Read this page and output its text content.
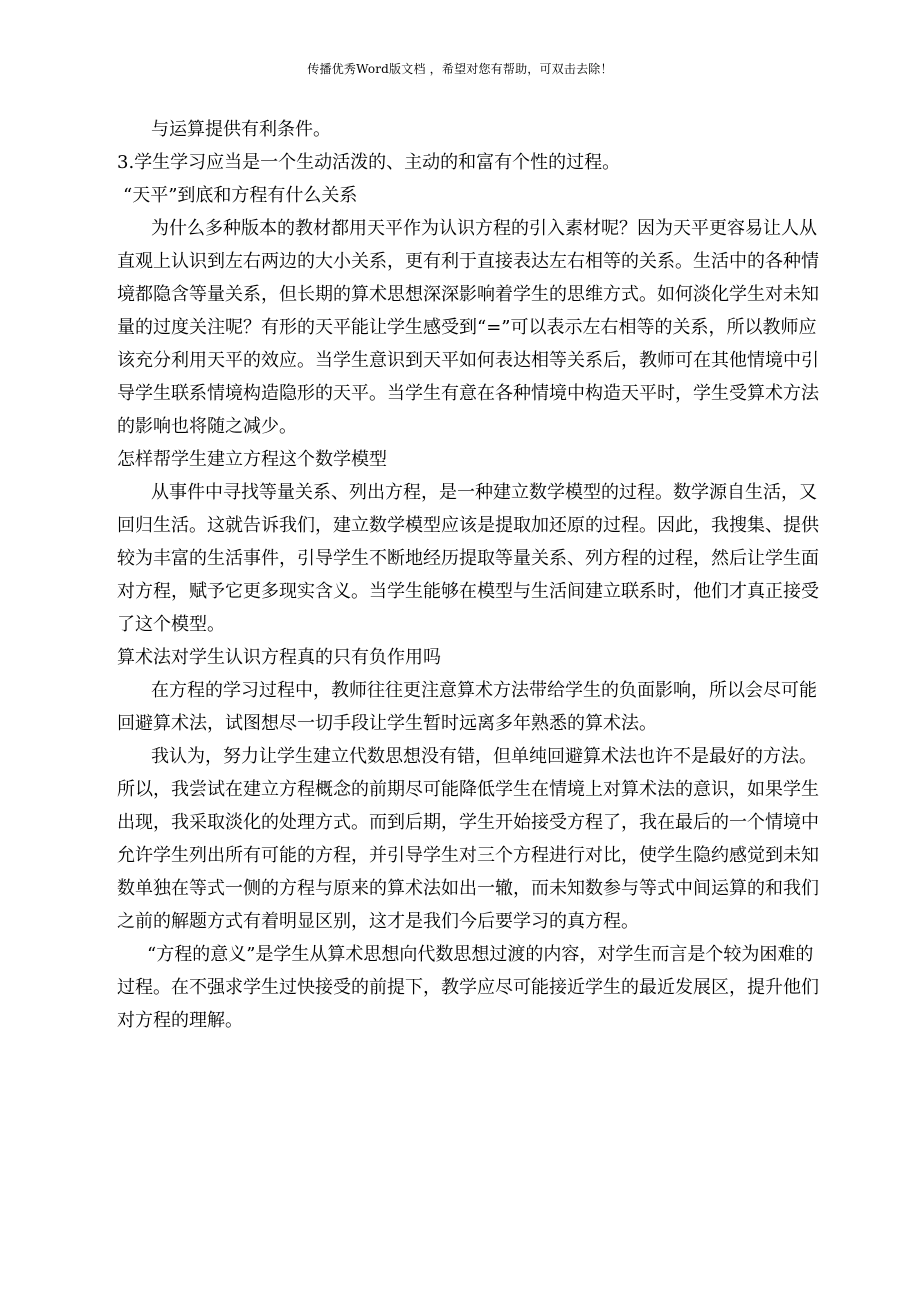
传播优秀Word版文档 ，希望对您有帮助，可双击去除！

与运算提供有利条件。

3.学生学习应当是一个生动活泼的、主动的和富有个性的过程。

“天平”到底和方程有什么关系

为什么多种版本的教材都用天平作为认识方程的引入素材呢？因为天平更容易让人从直观上认识到左右两边的大小关系，更有利于直接表达左右相等的关系。生活中的各种情境都隐含等量关系，但长期的算术思想深深影响着学生的思维方式。如何淡化学生对未知量的过度关注呢？有形的天平能让学生感受到“=”可以表示左右相等的关系，所以教师应该充分利用天平的效应。当学生意识到天平如何表达相等关系后，教师可在其他情境中引导学生联系情境构造隐形的天平。当学生有意在各种情境中构造天平时，学生受算术方法的影响也将随之减少。

怎样帮学生建立方程这个数学模型

从事件中寻找等量关系、列出方程，是一种建立数学模型的过程。数学源自生活，又回归生活。这就告诉我们，建立数学模型应该是提取加还原的过程。因此，我搜集、提供较为丰富的生活事件，引导学生不断地经历提取等量关系、列方程的过程，然后让学生面对方程，赋予它更多现实含义。当学生能够在模型与生活间建立联系时，他们才真正接受了这个模型。

算术法对学生认识方程真的只有负作用吗

在方程的学习过程中，教师往往更注意算术方法带给学生的负面影响，所以会尽可能回避算术法，试图想尽一切手段让学生暂时远离多年熟悉的算术法。

我认为，努力让学生建立代数思想没有错，但单纯回避算术法也许不是最好的方法。所以，我尝试在建立方程概念的前期尽可能降低学生在情境上对算术法的意识，如果学生出现，我采取淡化的处理方式。而到后期，学生开始接受方程了，我在最后的一个情境中允许学生列出所有可能的方程，并引导学生对三个方程进行对比，使学生隐约感觉到未知数单独在等式一侧的方程与原来的算术法如出一辙，而未知数参与等式中间运算的和我们之前的解题方式有着明显区别，这才是我们今后要学习的真方程。

“方程的意义”是学生从算术思想向代数思想过渡的内容，对学生而言是个较为困难的过程。在不强求学生过快接受的前提下，教学应尽可能接近学生的最近发展区，提升他们对方程的理解。
